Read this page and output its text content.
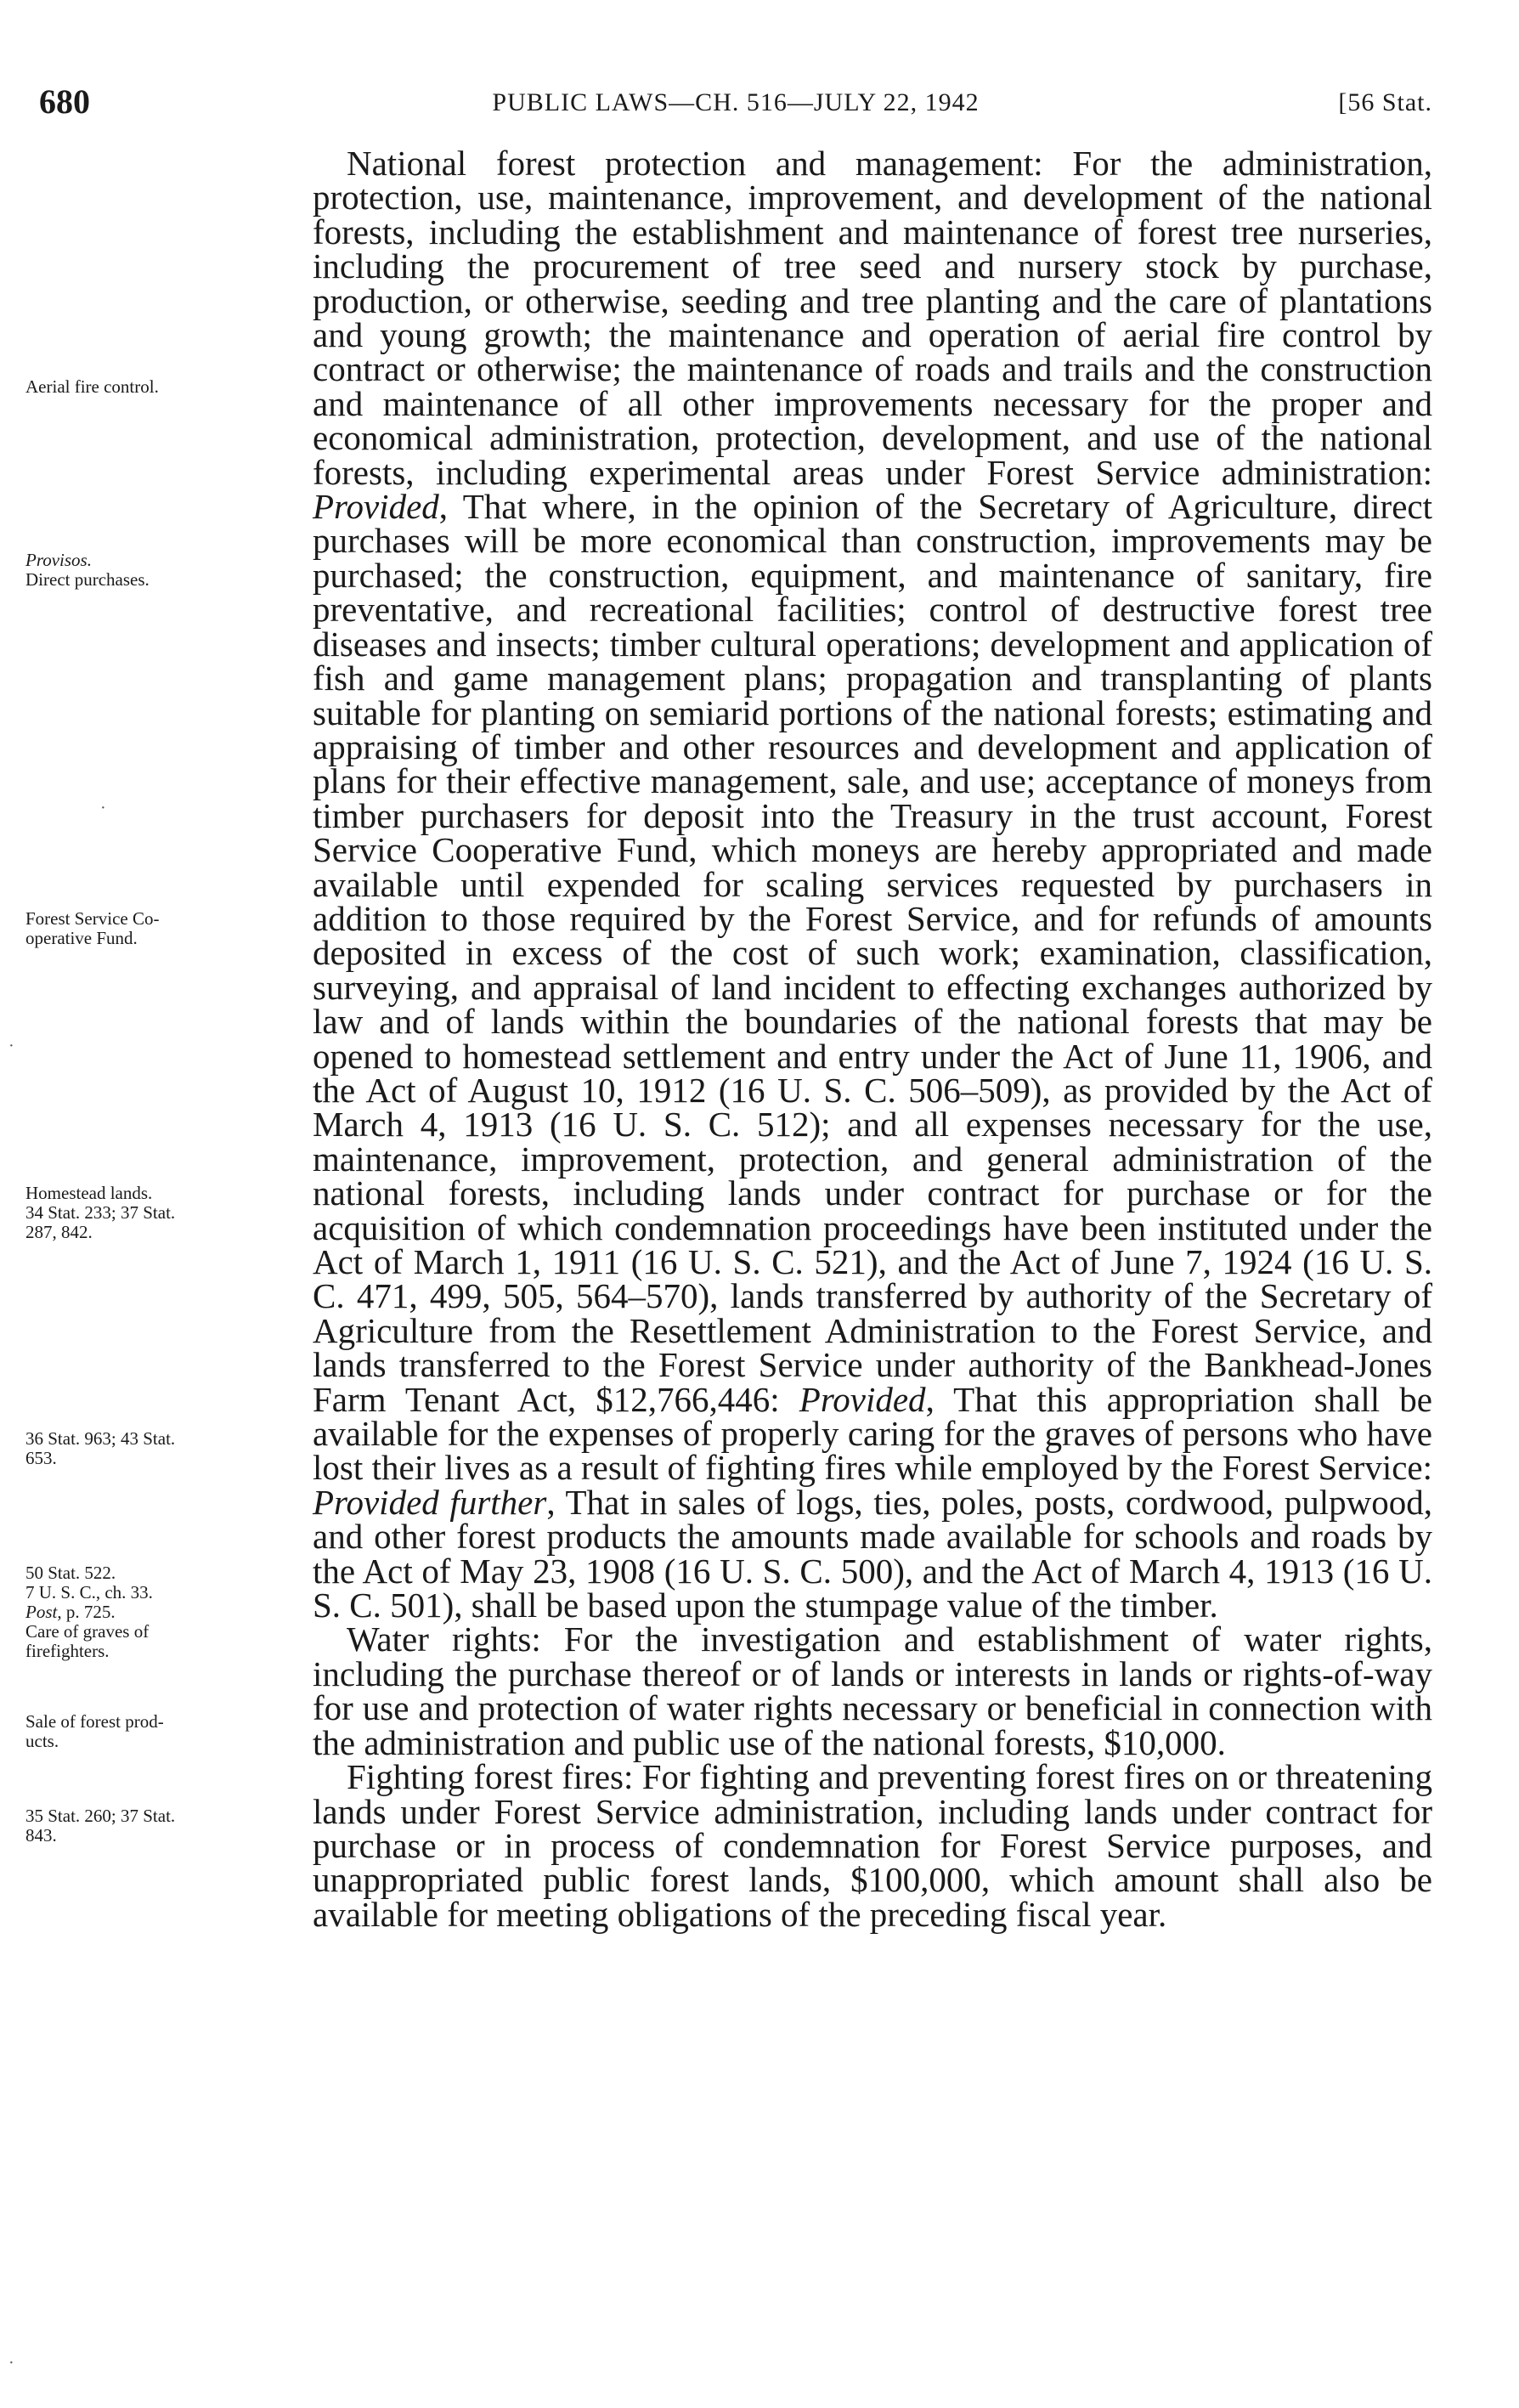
680	PUBLIC LAWS—CH. 516—JULY 22, 1942	[56 Stat.

National forest protection and management: For the administration, protection, use, maintenance, improvement, and development of the national forests, including the establishment and maintenance of forest tree nurseries, including the procurement of tree seed and nursery stock by purchase, production, or otherwise, seeding and tree planting and the care of plantations and young growth; the maintenance and operation of aerial fire control by contract or otherwise; the maintenance of roads and trails and the construction and maintenance of all other improvements necessary for the proper and economical administration, protection, development, and use of the national forests, including experimental areas under Forest Service administration: Provided, That where, in the opinion of the Secretary of Agriculture, direct purchases will be more economical than construction, improvements may be purchased; the construction, equipment, and maintenance of sanitary, fire preventative, and recreational facilities; control of destructive forest tree diseases and insects; timber cultural operations; development and application of fish and game management plans; propagation and transplanting of plants suitable for planting on semiarid portions of the national forests; estimating and appraising of timber and other resources and development and application of plans for their effective management, sale, and use; acceptance of moneys from timber purchasers for deposit into the Treasury in the trust account, Forest Service Cooperative Fund, which moneys are hereby appropriated and made available until expended for scaling services requested by purchasers in addition to those required by the Forest Service, and for refunds of amounts deposited in excess of the cost of such work; examination, classification, surveying, and appraisal of land incident to effecting exchanges authorized by law and of lands within the boundaries of the national forests that may be opened to homestead settlement and entry under the Act of June 11, 1906, and the Act of August 10, 1912 (16 U. S. C. 506–509), as provided by the Act of March 4, 1913 (16 U. S. C. 512); and all expenses necessary for the use, maintenance, improvement, protection, and general administration of the national forests, including lands under contract for purchase or for the acquisition of which condemnation proceedings have been instituted under the Act of March 1, 1911 (16 U. S. C. 521), and the Act of June 7, 1924 (16 U. S. C. 471, 499, 505, 564–570), lands transferred by authority of the Secretary of Agriculture from the Resettlement Administration to the Forest Service, and lands transferred to the Forest Service under authority of the Bankhead-Jones Farm Tenant Act, $12,766,446: Provided, That this appropriation shall be available for the expenses of properly caring for the graves of persons who have lost their lives as a result of fighting fires while employed by the Forest Service: Provided further, That in sales of logs, ties, poles, posts, cordwood, pulpwood, and other forest products the amounts made available for schools and roads by the Act of May 23, 1908 (16 U. S. C. 500), and the Act of March 4, 1913 (16 U. S. C. 501), shall be based upon the stumpage value of the timber.

Water rights: For the investigation and establishment of water rights, including the purchase thereof or of lands or interests in lands or rights-of-way for use and protection of water rights necessary or beneficial in connection with the administration and public use of the national forests, $10,000.

Fighting forest fires: For fighting and preventing forest fires on or threatening lands under Forest Service administration, including lands under contract for purchase or in process of condemnation for Forest Service purposes, and unappropriated public forest lands, $100,000, which amount shall also be available for meeting obligations of the preceding fiscal year.

Aerial fire control.
Provisos.
Direct purchases.
Forest Service Co-
operative Fund.
Homestead lands.
34 Stat. 233; 37 Stat.
287, 842.
36 Stat. 963; 43 Stat.
653.
50 Stat. 522.
7 U. S. C., ch. 33.
Post, p. 725.
Care of graves of
firefighters.
Sale of forest prod-
ucts.
35 Stat. 260; 37 Stat.
843.
·
·
·
